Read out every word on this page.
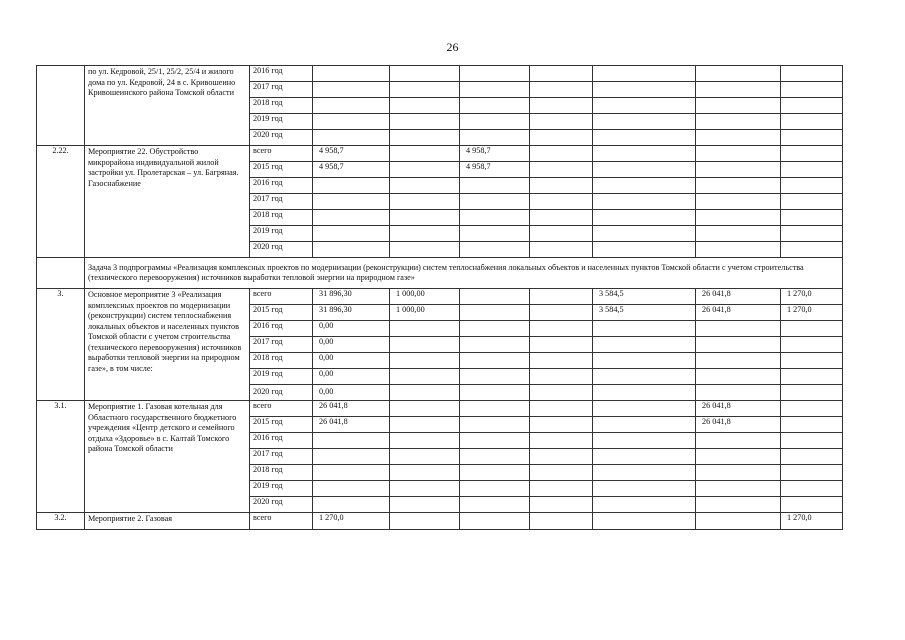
26
	по ул. Кедровой, 25/1, 25/2, 25/4 и жилого дома по ул. Кедровой, 24 в с. Кривошеино Кривошеинского района Томской области	2016 год							
		2017 год							
		2018 год							
		2019 год							
		2020 год							
2.22.	Мероприятие 22. Обустройство микрорайона индивидуальной жилой застройки ул. Пролетарская – ул. Багряная. Газоснабжение	всего	4 958,7		4 958,7				
		2015 год	4 958,7		4 958,7				
		2016 год							
		2017 год							
		2018 год							
		2019 год							
		2020 год							
	Задача 3 подпрограммы «Реализация комплексных проектов по модернизации (реконструкции) систем теплоснабжения локальных объектов и населенных пунктов Томской области с учетом строительства (технического перевооружения) источников выработки тепловой энергии на природном газе»								
3.	Основное мероприятие 3 «Реализация комплексных проектов по модернизации (реконструкции) систем теплоснабжения локальных объектов и населенных пунктов Томской области с учетом строительства (технического перевооружения) источников выработки тепловой энергии на природном газе», в том числе:	всего	31 896,30	1 000,00			3 584,5	26 041,8	1 270,0
		2015 год	31 896,30	1 000,00			3 584,5	26 041,8	1 270,0
		2016 год	0,00						
		2017 год	0,00						
		2018 год	0,00						
		2019 год	0,00						
		2020 год	0,00						
3.1.	Мероприятие 1. Газовая котельная для Областного государственного бюджетного учреждения «Центр детского и семейного отдыха «Здоровье» в с. Калтай Томского района Томской области	всего	26 041,8					26 041,8	
		2015 год	26 041,8					26 041,8	
		2016 год							
		2017 год							
		2018 год							
		2019 год							
		2020 год							
3.2.	Мероприятие 2. Газовая	всего	1 270,0						1 270,0
